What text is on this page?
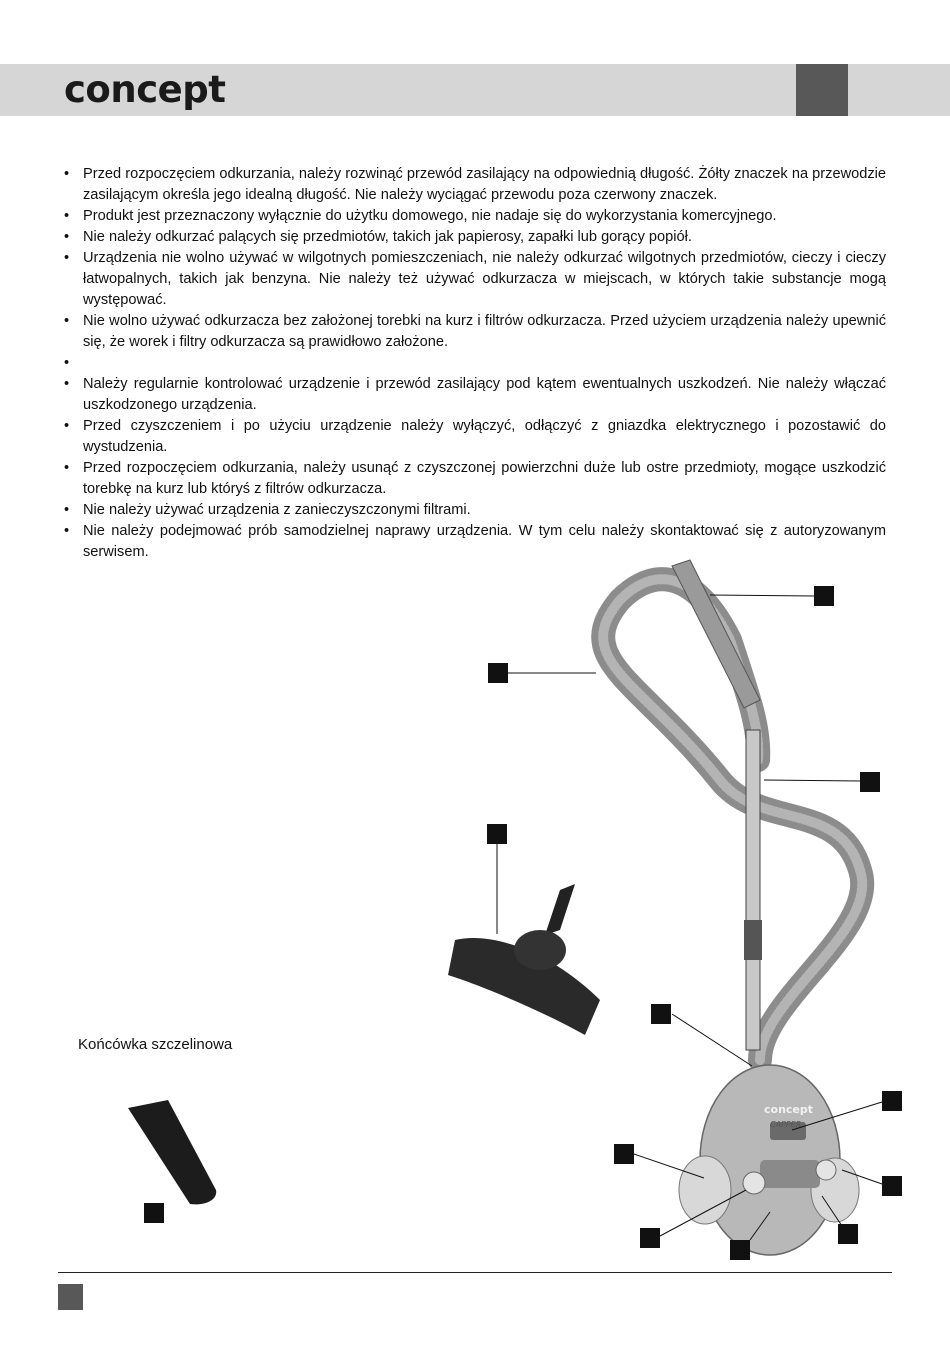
concept
• Przed rozpoczęciem odkurzania, należy rozwinąć przewód zasilający na odpowiednią długość. Żółty znaczek na przewodzie zasilającym określa jego idealną długość. Nie należy wyciągać przewodu poza czerwony znaczek.
• Produkt jest przeznaczony wyłącznie do użytku domowego, nie nadaje się do wykorzystania komercyjnego.
• Nie należy odkurzać palących się przedmiotów, takich jak papierosy, zapałki lub gorący popiół.
• Urządzenia nie wolno używać w wilgotnych pomieszczeniach, nie należy odkurzać wilgotnych przedmiotów, cieczy i cieczy łatwopalnych, takich jak benzyna. Nie należy też używać odkurzacza w miejscach, w których takie substancje mogą występować.
• Nie wolno używać odkurzacza bez założonej torebki na kurz i filtrów odkurzacza. Przed użyciem urządzenia należy upewnić się, że worek i filtry odkurzacza są prawidłowo założone.
•
• Należy regularnie kontrolować urządzenie i przewód zasilający pod kątem ewentualnych uszkodzeń. Nie należy włączać uszkodzonego urządzenia.
• Przed czyszczeniem i po użyciu urządzenie należy wyłączyć, odłączyć z gniazdka elektrycznego i pozostawić do wystudzenia.
• Przed rozpoczęciem odkurzania, należy usunąć z czyszczonej powierzchni duże lub ostre przedmioty, mogące uszkodzić torebkę na kurz lub któryś z filtrów odkurzacza.
• Nie należy używać urządzenia z zanieczyszczonymi filtrami.
• Nie należy podejmować prób samodzielnej naprawy urządzenia. W tym celu należy skontaktować się z autoryzowanym serwisem.
concept
CAPPER
Końcówka szczelinowa
